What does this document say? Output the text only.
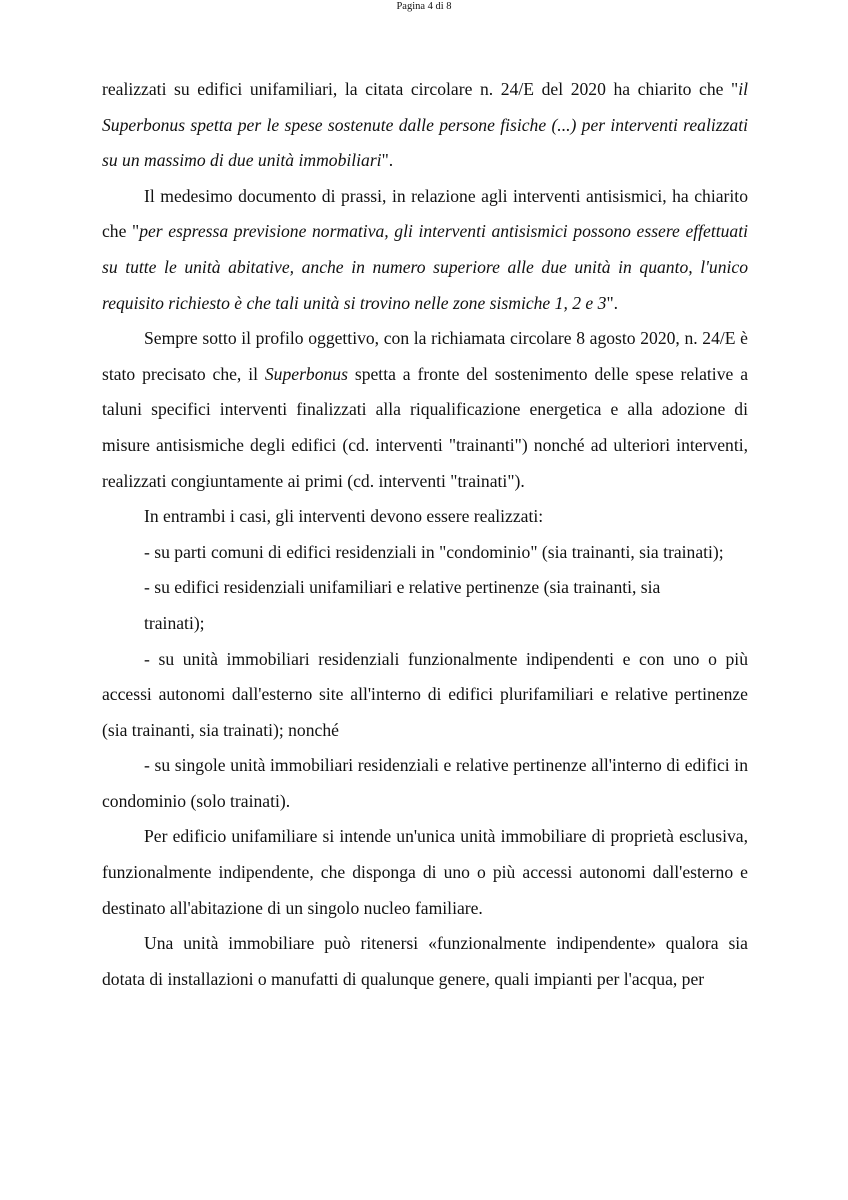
Pagina 4 di 8

realizzati su edifici unifamiliari, la citata circolare n. 24/E del 2020 ha chiarito che "il Superbonus spetta per le spese sostenute dalle persone fisiche (...) per interventi realizzati su un massimo di due unità immobiliari".

Il medesimo documento di prassi, in relazione agli interventi antisismici, ha chiarito che "per espressa previsione normativa, gli interventi antisismici possono essere effettuati su tutte le unità abitative, anche in numero superiore alle due unità in quanto, l'unico requisito richiesto è che tali unità si trovino nelle zone sismiche 1, 2 e 3".

Sempre sotto il profilo oggettivo, con la richiamata circolare 8 agosto 2020, n. 24/E è stato precisato che, il Superbonus spetta a fronte del sostenimento delle spese relative a taluni specifici interventi finalizzati alla riqualificazione energetica e alla adozione di misure antisismiche degli edifici (cd. interventi "trainanti") nonché ad ulteriori interventi, realizzati congiuntamente ai primi (cd. interventi "trainati").

In entrambi i casi, gli interventi devono essere realizzati:

- su parti comuni di edifici residenziali in "condominio" (sia trainanti, sia trainati);

- su edifici residenziali unifamiliari e relative pertinenze (sia trainanti, sia

trainati);

- su unità immobiliari residenziali funzionalmente indipendenti e con uno o più accessi autonomi dall'esterno site all'interno di edifici plurifamiliari e relative pertinenze (sia trainanti, sia trainati); nonché

- su singole unità immobiliari residenziali e relative pertinenze all'interno di edifici in condominio (solo trainati).

Per edificio unifamiliare si intende un'unica unità immobiliare di proprietà esclusiva, funzionalmente indipendente, che disponga di uno o più accessi autonomi dall'esterno e destinato all'abitazione di un singolo nucleo familiare.

Una unità immobiliare può ritenersi «funzionalmente indipendente» qualora sia dotata di installazioni o manufatti di qualunque genere, quali impianti per l'acqua, per
